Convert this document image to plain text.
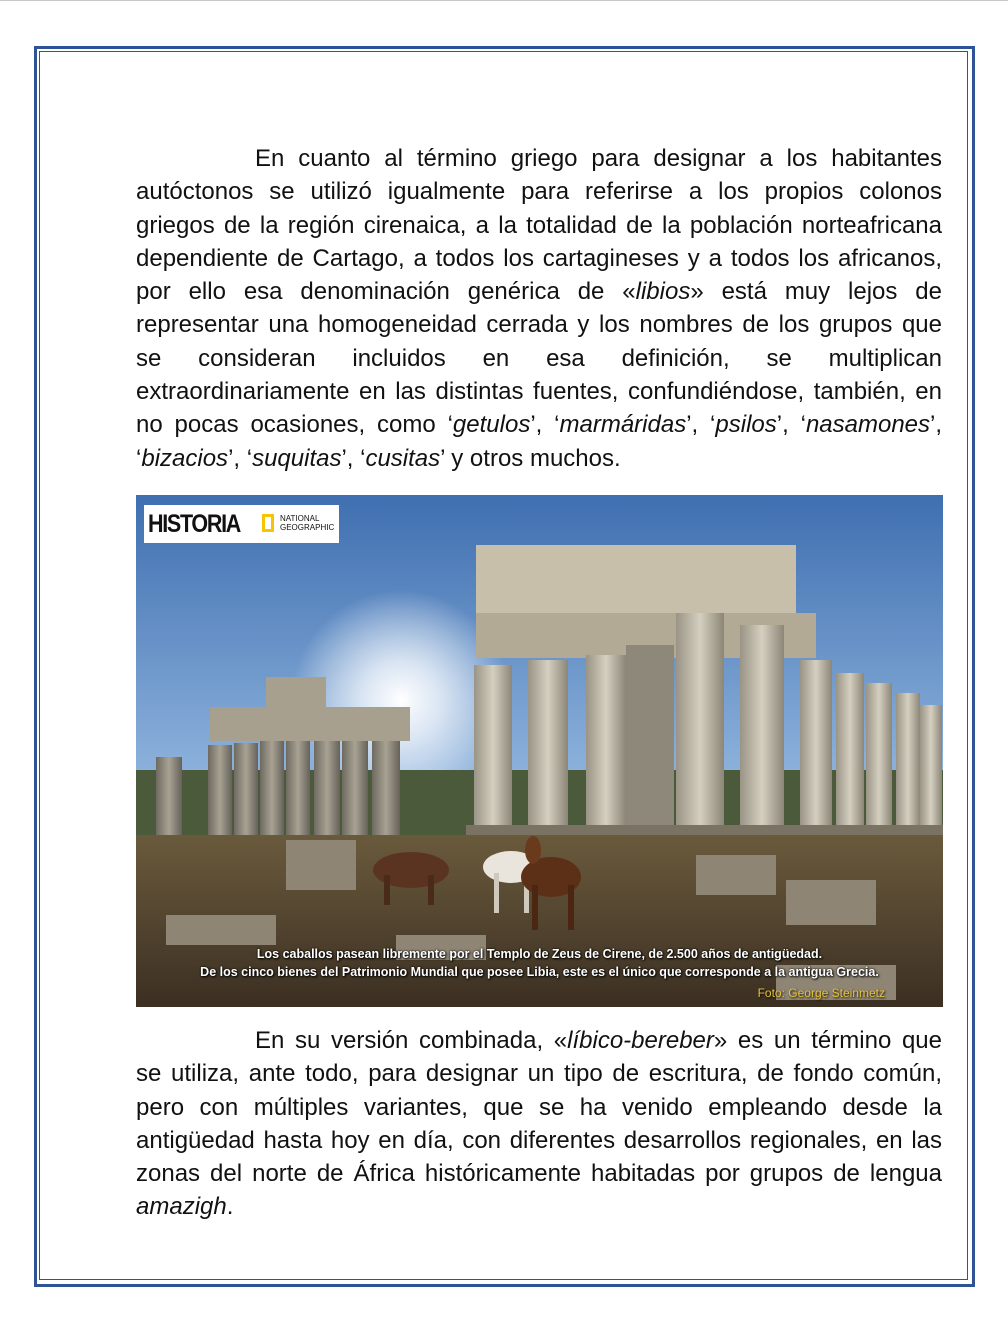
En cuanto al término griego para designar a los habitantes autóctonos se utilizó igualmente para referirse a los propios colonos griegos de la región cirenaica, a la totalidad de la población norteafricana dependiente de Cartago, a todos los cartagineses y a todos los africanos, por ello esa denominación genérica de «libios» está muy lejos de representar una homogeneidad cerrada y los nombres de los grupos que se consideran incluidos en esa definición, se multiplican extraordinariamente en las distintas fuentes, confundiéndose, también, en no pocas ocasiones, como ‘getulos’, ‘marmáridas’, ‘psilos’, ‘nasamones’, ‘bizacios’, ‘suquitas’, ‘cusitas’ y otros muchos.

HISTORIA	NATIONAL
GEOGRAPHIC
Los caballos pasean libremente por el Templo de Zeus de Cirene, de 2.500 años de antigüedad.
De los cinco bienes del Patrimonio Mundial que posee Libia, este es el único que corresponde a la antigua Grecia.
Foto: George Steinmetz

En su versión combinada, «líbico-bereber» es un término que se utiliza, ante todo, para designar un tipo de escritura, de fondo común, pero con múltiples variantes, que se ha venido empleando desde la antigüedad hasta hoy en día, con diferentes desarrollos regionales, en las zonas del norte de África históricamente habitadas por grupos de lengua amazigh.
